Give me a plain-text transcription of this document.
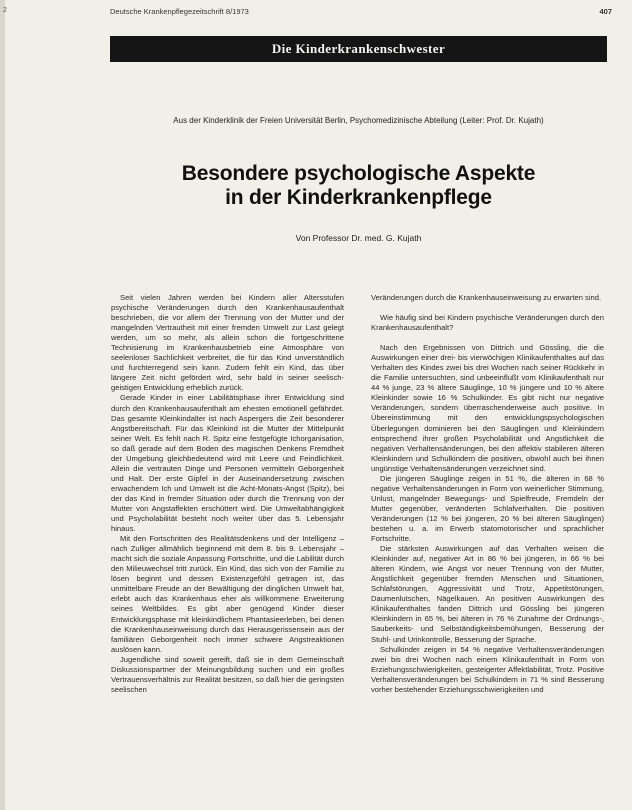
2	Deutsche Krankenpflegezeitschrift 8/1973	407
Die Kinderkrankenschwester
Aus der Kinderklinik der Freien Universität Berlin, Psychomedizinische Abteilung (Leiter: Prof. Dr. Kujath)
Besondere psychologische Aspekte
in der Kinderkrankenpflege
Von Professor Dr. med. G. Kujath

Seit vielen Jahren werden bei Kindern aller Altersstufen psychische Veränderungen durch den Krankenhausaufenthalt beschrieben, die vor allem der Trennung von der Mutter und der mangelnden Vertrautheit mit einer fremden Umwelt zur Last gelegt werden, um so mehr, als allein schon die fortgeschrittene Technisierung im Krankenhausbetrieb eine Atmosphäre von seelenloser Sachlichkeit verbreitet, die für das Kind unverständlich und furchterregend sein kann. Zudem fehlt ein Kind, das über längere Zeit nicht gefördert wird, sehr bald in seiner seelisch-geistigen Entwicklung erheblich zurück.

Gerade Kinder in einer Labilitätsphase ihrer Entwicklung sind durch den Krankenhausaufenthalt am ehesten emotionell gefährdet. Das gesamte Kleinkindalter ist nach Aspergers die Zeit besonderer Angstbereitschaft. Für das Kleinkind ist die Mutter der Mittelpunkt seiner Welt. Es fehlt nach R. Spitz eine festgefügte Ichorganisation, so daß gerade auf dem Boden des magischen Denkens Fremdheit der Umgebung gleichbedeutend wird mit Leere und Feindlichkeit. Allein die vertrauten Dinge und Personen vermitteln Geborgenheit und Halt. Der erste Gipfel in der Auseinandersetzung zwischen erwachendem Ich und Umwelt ist die Acht-Monats-Angst (Spitz), bei der das Kind in fremder Situation oder durch die Trennung von der Mutter von Angstaffekten erschüttert wird. Die Umweltabhängigkeit und Psycholabilität besteht noch weiter über das 5. Lebensjahr hinaus.

Mit den Fortschritten des Realitätsdenkens und der Intelligenz – nach Zulliger allmählich beginnend mit dem 8. bis 9. Lebensjahr – macht sich die soziale Anpassung Fortschritte, und die Labilität durch den Milieuwechsel tritt zurück. Ein Kind, das sich von der Familie zu lösen beginnt und dessen Existenzgefühl getragen ist, das unmittelbare Freude an der Bewältigung der dinglichen Umwelt hat, erlebt auch das Krankenhaus eher als willkommene Erweiterung seines Weltbildes. Es gibt aber genügend Kinder dieser Entwicklungsphase mit kleinkindlichem Phantasieerleben, bei denen die Krankenhauseinweisung durch das Herausgerissensein aus der familiären Geborgenheit noch immer schwere Angstreaktionen auslösen kann.

Jugendliche sind soweit gereift, daß sie in dem Gemeinschaft Diskussionspartner der Meinungsbildung suchen und ein großes Vertrauensverhältnis zur Realität besitzen, so daß hier die geringsten seelischen

Veränderungen durch die Krankenhauseinweisung zu erwarten sind.

Wie häufig sind bei Kindern psychische Veränderungen durch den Krankenhausaufenthalt?

Nach den Ergebnissen von Dittrich und Gössling, die die Auswirkungen einer drei- bis vierwöchigen Klinikaufenthaltes auf das Verhalten des Kindes zwei bis drei Wochen nach seiner Rückkehr in die Familie untersuchten, sind unbeeinflußt vom Klinikaufenthalt nur 44 % junge, 23 % ältere Säuglinge, 10 % jüngere und 10 % ältere Kleinkinder sowie 16 % Schulkinder. Es gibt nicht nur negative Veränderungen, sondern überraschenderweise auch positive. In Übereinstimmung mit den entwicklungspsychologischen Überlegungen dominieren bei den Säuglingen und Kleinkindern entsprechend ihrer großen Psycholabilität und Angstlichkeit die negativen Verhaltensänderungen, bei den affektiv stabileren älteren Kleinkindern und Schulkindern die positiven, obwohl auch bei ihnen ungünstige Verhaltensänderungen verzeichnet sind.

Die jüngeren Säuglinge zeigen in 51 %, die älteren in 68 % negative Verhaltensänderungen in Form von weinerlicher Stimmung, Unlust, mangelnder Bewegungs- und Spielfreude, Fremdeln der Mutter gegenüber, veränderten Schlafverhalten. Die positiven Veränderungen (12 % bei jüngeren, 20 % bei älteren Säuglingen) bestehen u. a. im Erwerb statomotorischer und sprachlicher Fortschritte.

Die stärksten Auswirkungen auf das Verhalten weisen die Kleinkinder auf, negativer Art in 86 % bei jüngeren, in 66 % bei älteren Kindern, wie Angst vor neuer Trennung von der Mutter, Ängstlichkeit gegenüber fremden Menschen und Situationen, Schlafstörungen, Aggressivität und Trotz, Appetitstörungen, Daumenlutschen, Nägelkauen. An positiven Auswirkungen des Klinikaufenthaltes fanden Dittrich und Gössling bei jüngeren Kleinkindern in 65 %, bei älteren in 76 % Zunahme der Ordnungs-, Sauberkeits- und Selbständigkeitsbemühungen, Besserung der Stuhl- und Urinkontrolle, Besserung der Sprache.

Schulkinder zeigen in 54 % negative Verhaltensveränderungen zwei bis drei Wochen nach einem Klinikaufenthalt in Form von Erziehungsschwierigkeiten, gesteigerter Affektlabilität, Trotz. Positive Verhaltensveränderungen bei Schulkindern in 71 % sind Besserung vorher bestehender Erziehungsschwierigkeiten und
